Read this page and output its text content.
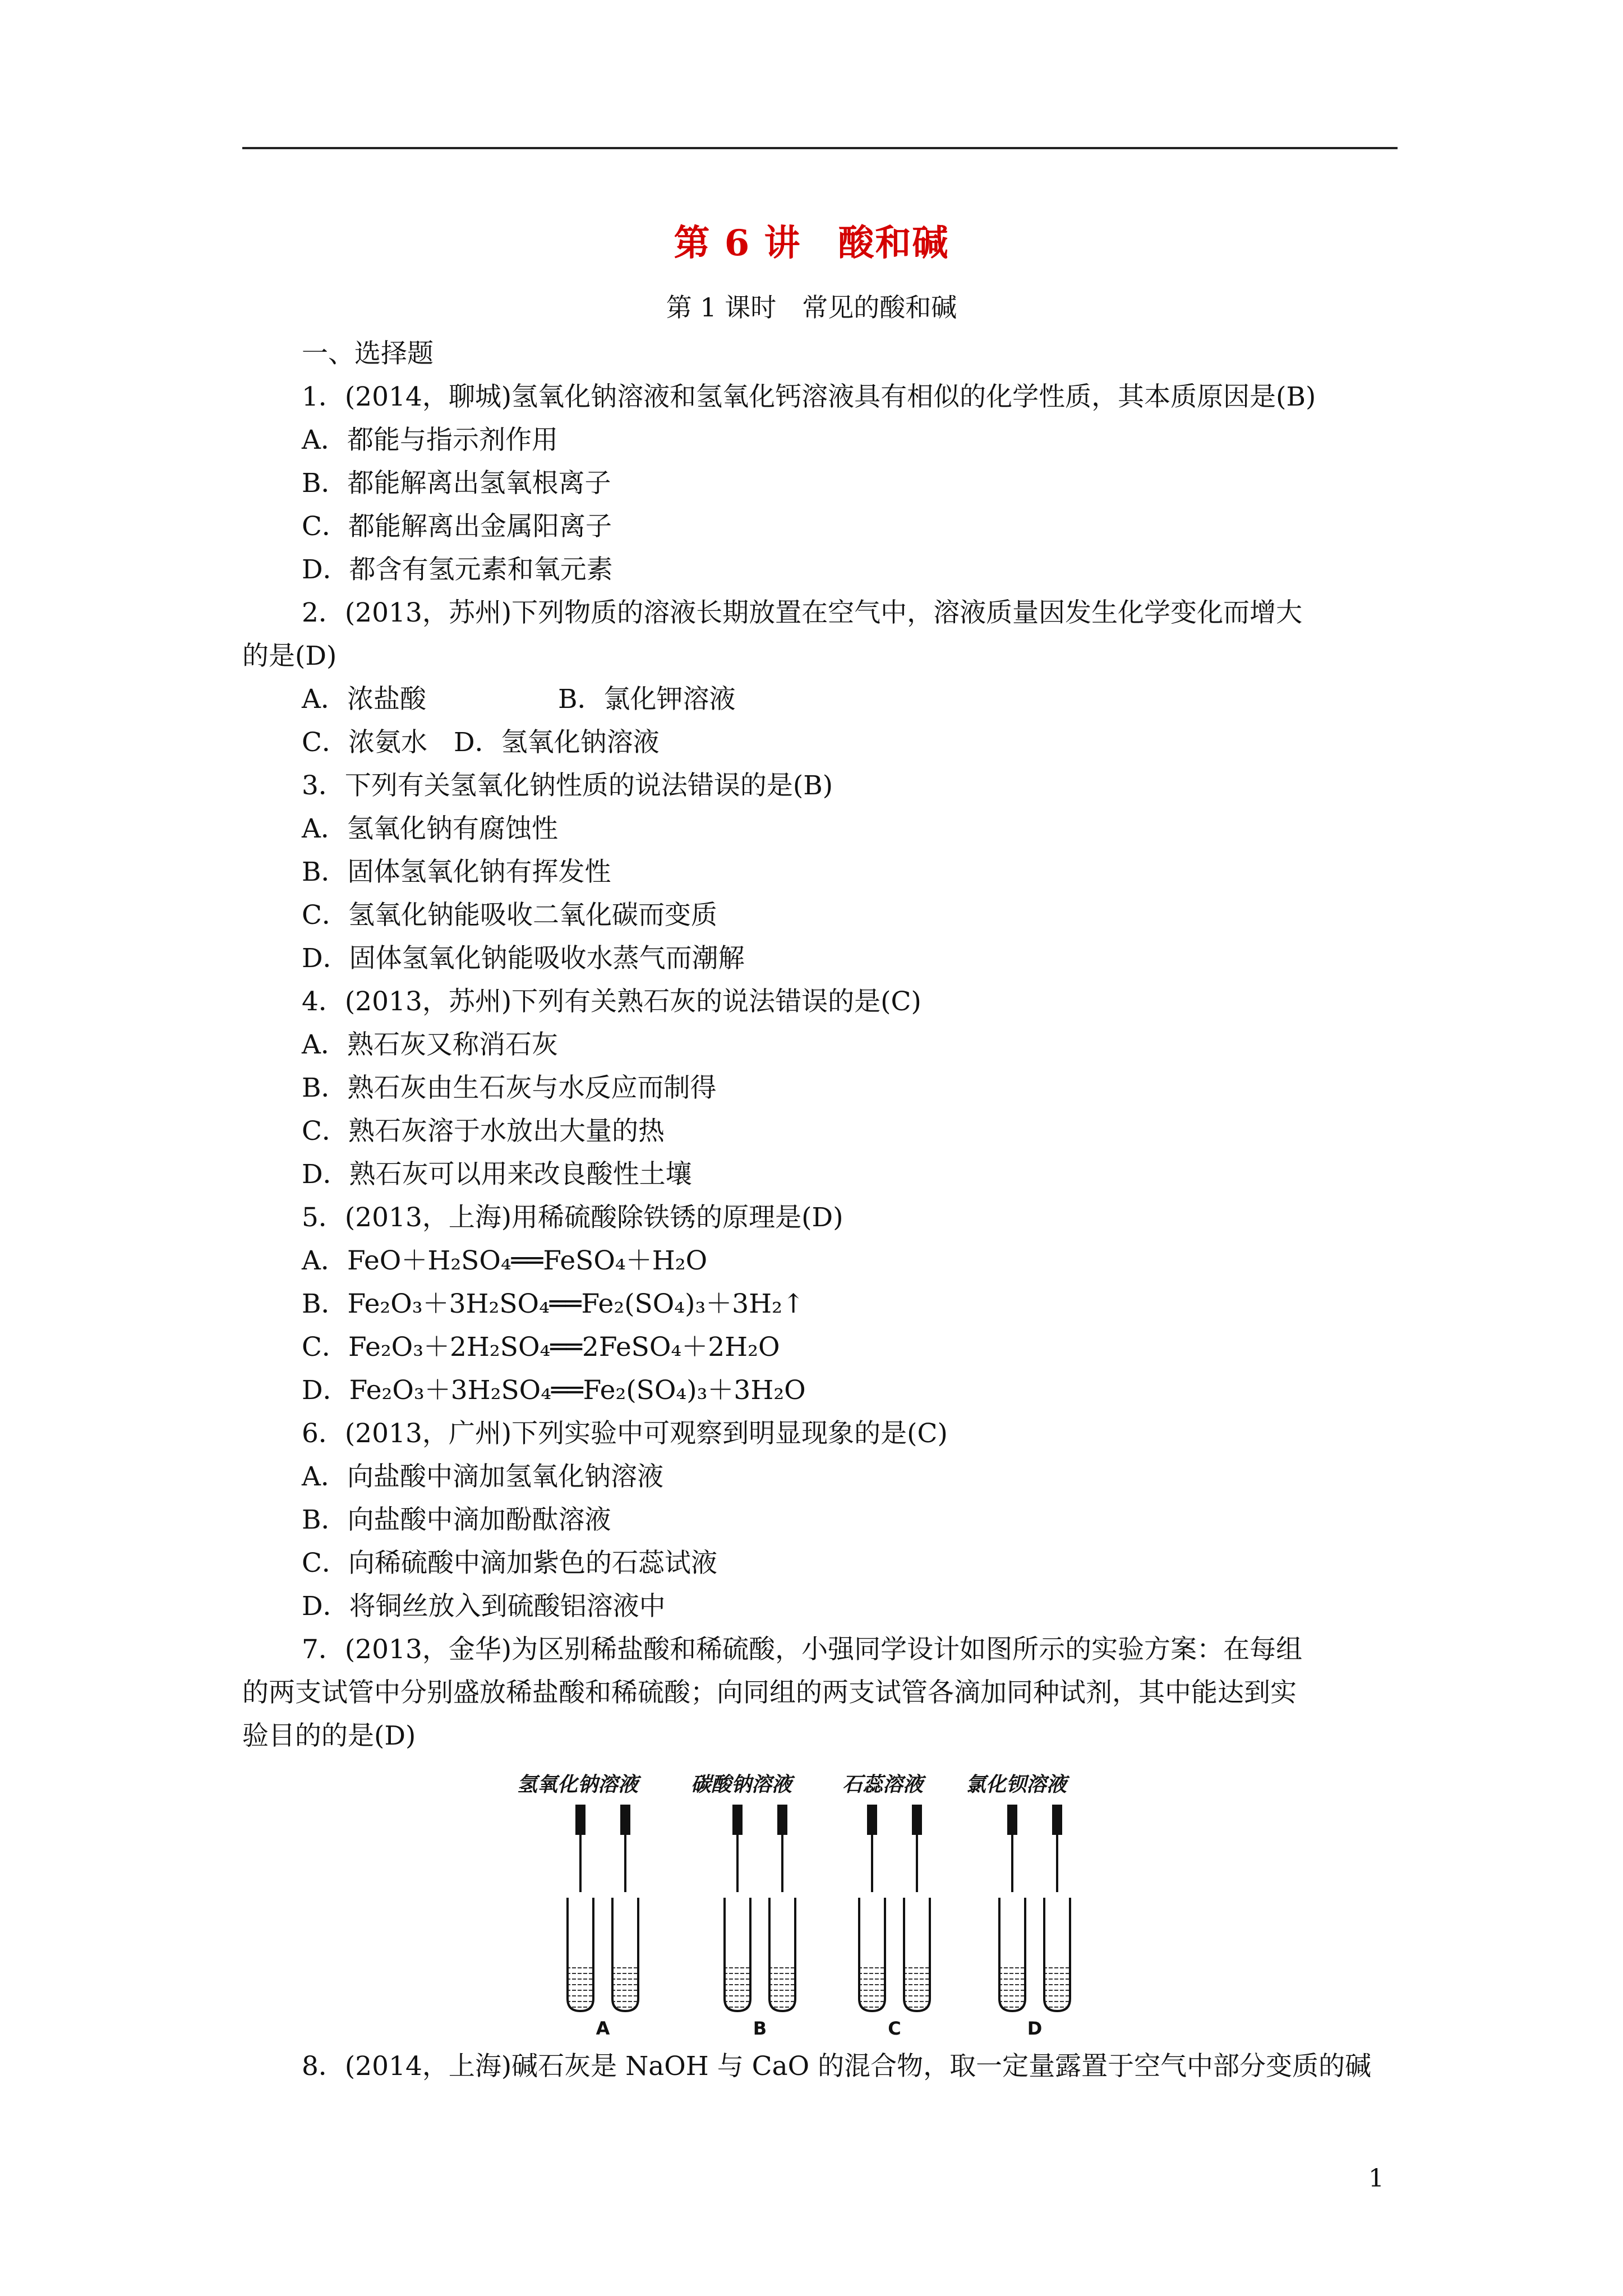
第 6 讲　酸和碱
第 1 课时　常见的酸和碱
一、选择题
1．(2014，聊城)氢氧化钠溶液和氢氧化钙溶液具有相似的化学性质，其本质原因是(B)
A．都能与指示剂作用
B．都能解离出氢氧根离子
C．都能解离出金属阳离子
D．都含有氢元素和氧元素
2．(2013，苏州)下列物质的溶液长期放置在空气中，溶液质量因发生化学变化而增大
的是(D)
A．浓盐酸　　　　　B．氯化钾溶液
C．浓氨水　D．氢氧化钠溶液
3．下列有关氢氧化钠性质的说法错误的是(B)
A．氢氧化钠有腐蚀性
B．固体氢氧化钠有挥发性
C．氢氧化钠能吸收二氧化碳而变质
D．固体氢氧化钠能吸收水蒸气而潮解
4．(2013，苏州)下列有关熟石灰的说法错误的是(C)
A．熟石灰又称消石灰
B．熟石灰由生石灰与水反应而制得
C．熟石灰溶于水放出大量的热
D．熟石灰可以用来改良酸性土壤
5．(2013，上海)用稀硫酸除铁锈的原理是(D)
A．FeO＋H₂SO₄══FeSO₄＋H₂O
B．Fe₂O₃＋3H₂SO₄══Fe₂(SO₄)₃＋3H₂↑
C．Fe₂O₃＋2H₂SO₄══2FeSO₄＋2H₂O
D．Fe₂O₃＋3H₂SO₄══Fe₂(SO₄)₃＋3H₂O
6．(2013，广州)下列实验中可观察到明显现象的是(C)
A．向盐酸中滴加氢氧化钠溶液
B．向盐酸中滴加酚酞溶液
C．向稀硫酸中滴加紫色的石蕊试液
D．将铜丝放入到硫酸铝溶液中
7．(2013，金华)为区别稀盐酸和稀硫酸，小强同学设计如图所示的实验方案：在每组
的两支试管中分别盛放稀盐酸和稀硫酸；向同组的两支试管各滴加同种试剂，其中能达到实
验目的的是(D)
氢氧化钠溶液	碳酸钠溶液 石蕊溶液 氯化钡溶液
A	B	C	D
8．(2014，上海)碱石灰是 NaOH 与 CaO 的混合物，取一定量露置于空气中部分变质的碱
1
